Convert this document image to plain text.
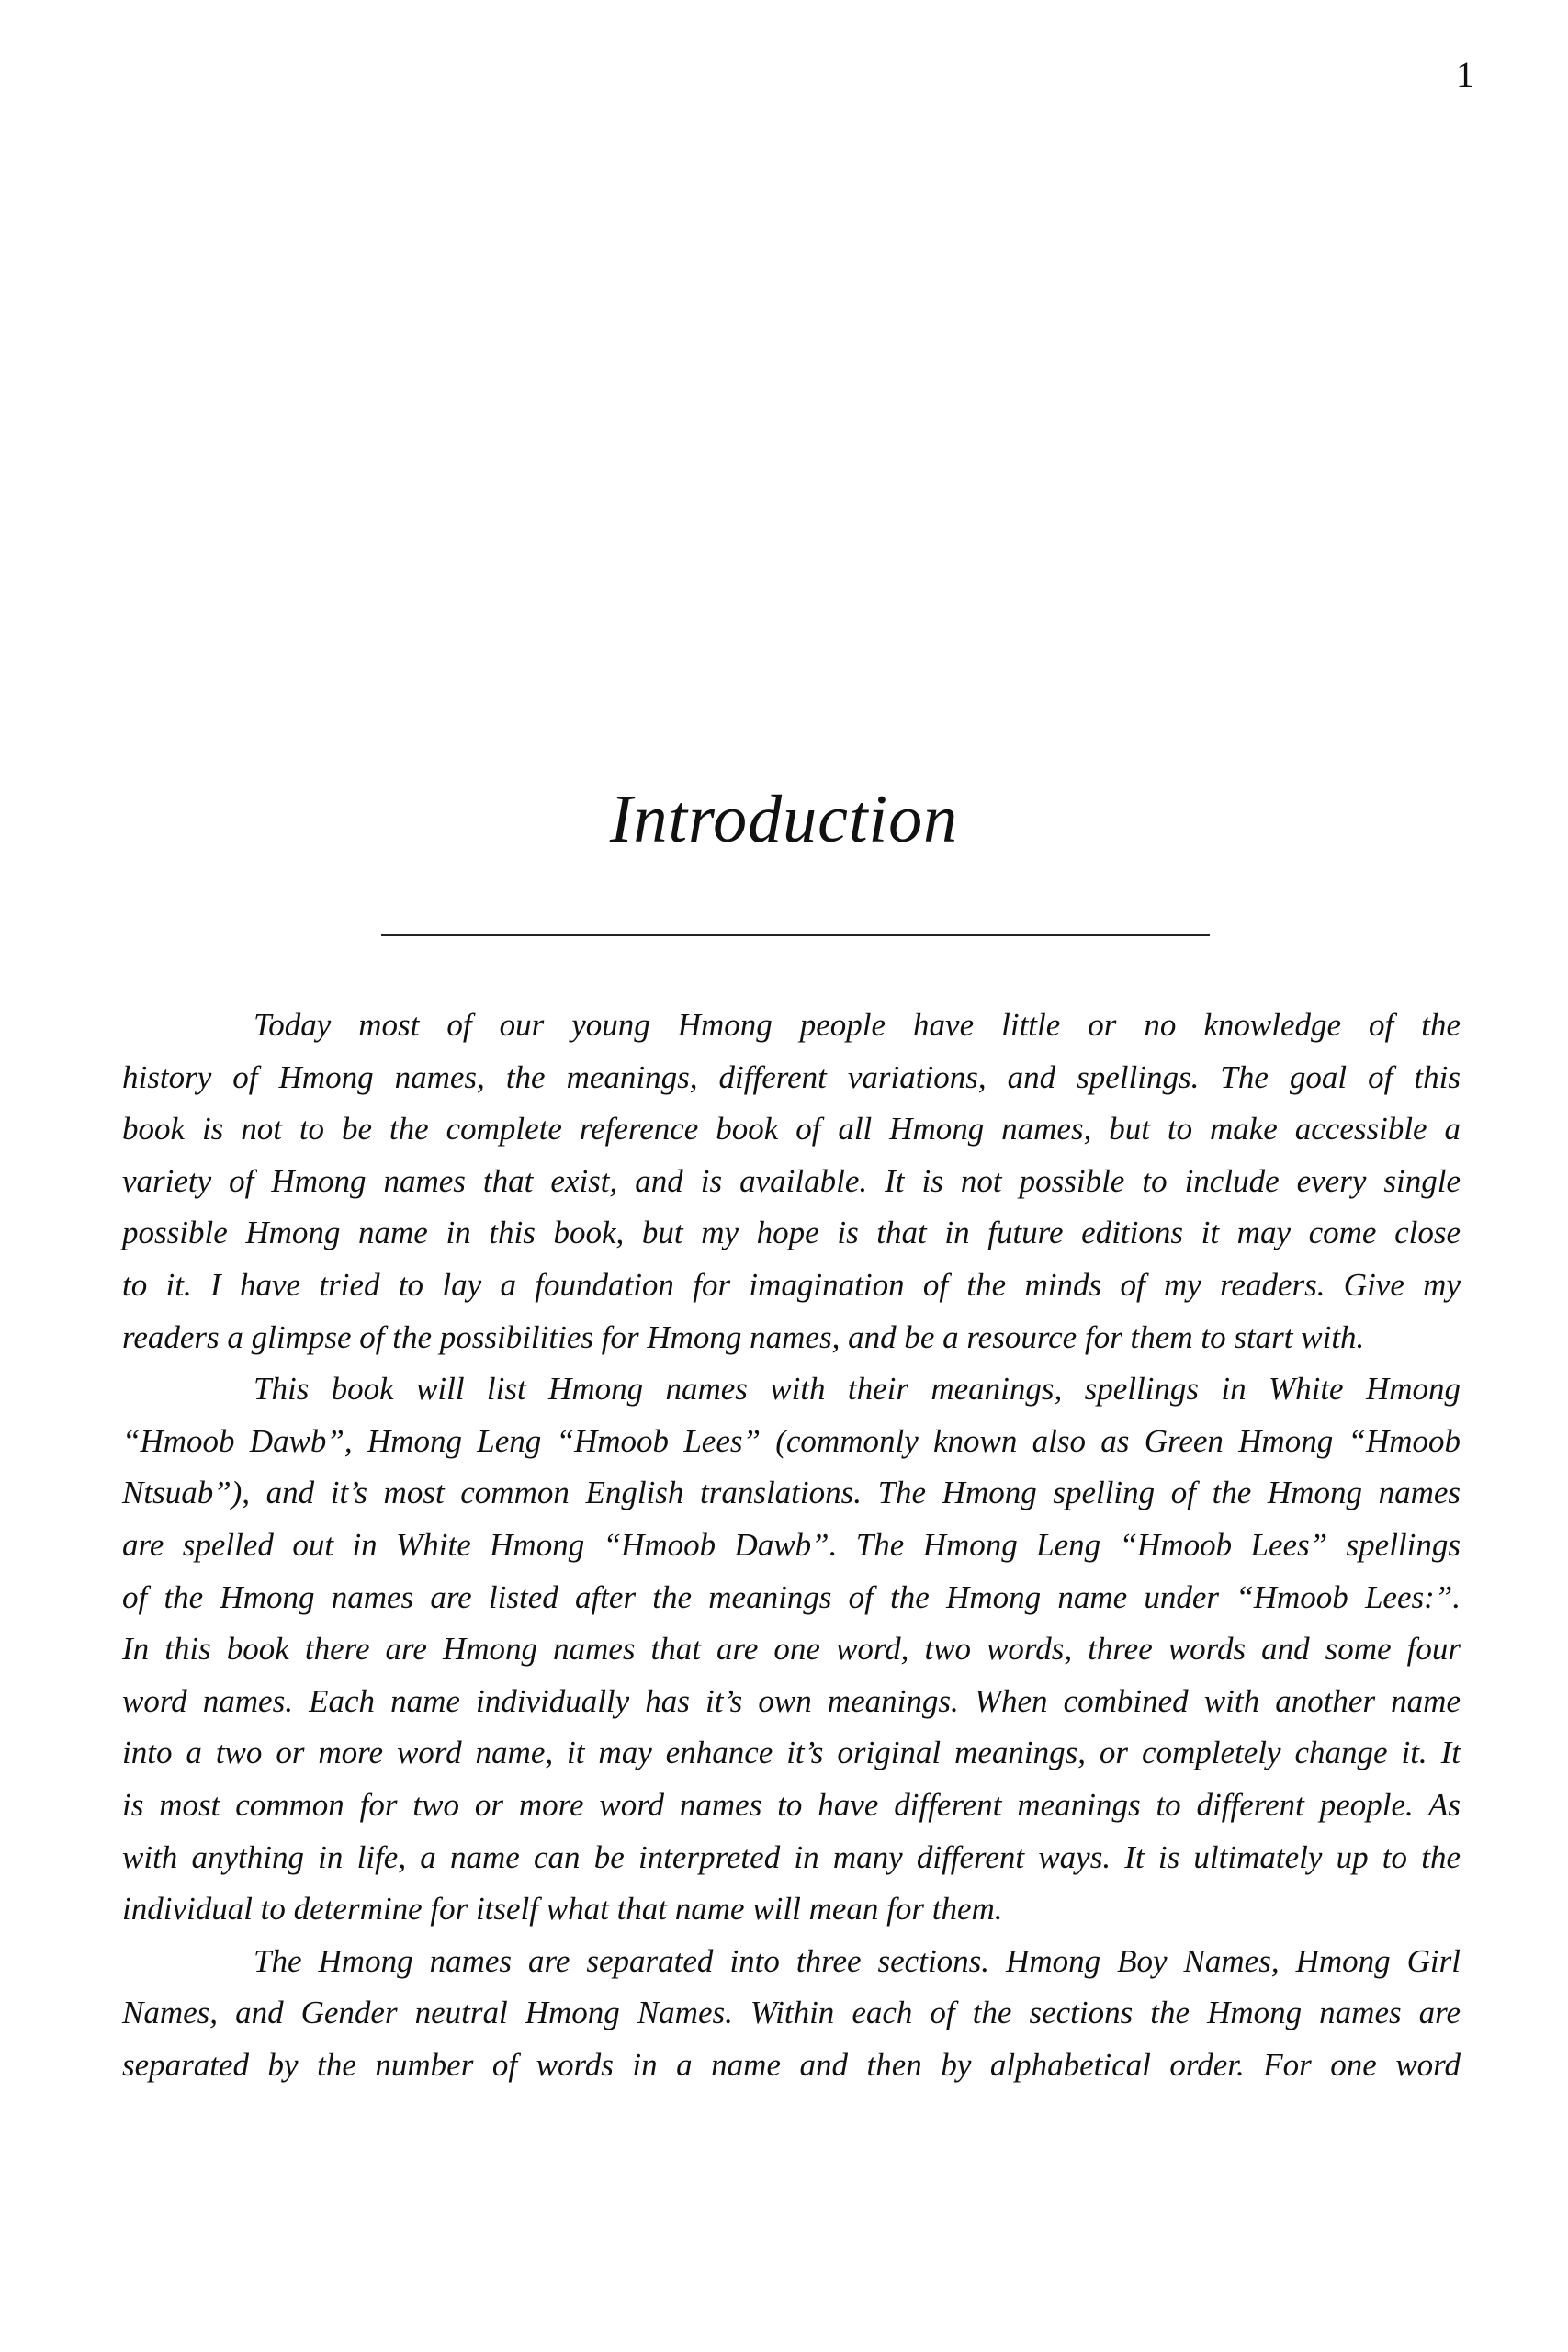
1
Introduction
Today most of our young Hmong people have little or no knowledge of the
history of Hmong names, the meanings, different variations, and spellings. The goal of this
book is not to be the complete reference book of all Hmong names, but to make accessible a
variety of Hmong names that exist, and is available. It is not possible to include every single
possible Hmong name in this book, but my hope is that in future editions it may come close
to it. I have tried to lay a foundation for imagination of the minds of my readers. Give my
readers a glimpse of the possibilities for Hmong names, and be a resource for them to start with.
This book will list Hmong names with their meanings, spellings in White Hmong
“Hmoob Dawb”, Hmong Leng “Hmoob Lees” (commonly known also as Green Hmong “Hmoob
Ntsuab”), and it’s most common English translations. The Hmong spelling of the Hmong names
are spelled out in White Hmong “Hmoob Dawb”. The Hmong Leng “Hmoob Lees” spellings
of the Hmong names are listed after the meanings of the Hmong name under “Hmoob Lees:”.
In this book there are Hmong names that are one word, two words, three words and some four
word names. Each name individually has it’s own meanings. When combined with another name
into a two or more word name, it may enhance it’s original meanings, or completely change it. It
is most common for two or more word names to have different meanings to different people. As
with anything in life, a name can be interpreted in many different ways. It is ultimately up to the
individual to determine for itself what that name will mean for them.
The Hmong names are separated into three sections. Hmong Boy Names, Hmong Girl
Names, and Gender neutral Hmong Names. Within each of the sections the Hmong names are
separated by the number of words in a name and then by alphabetical order. For one word
